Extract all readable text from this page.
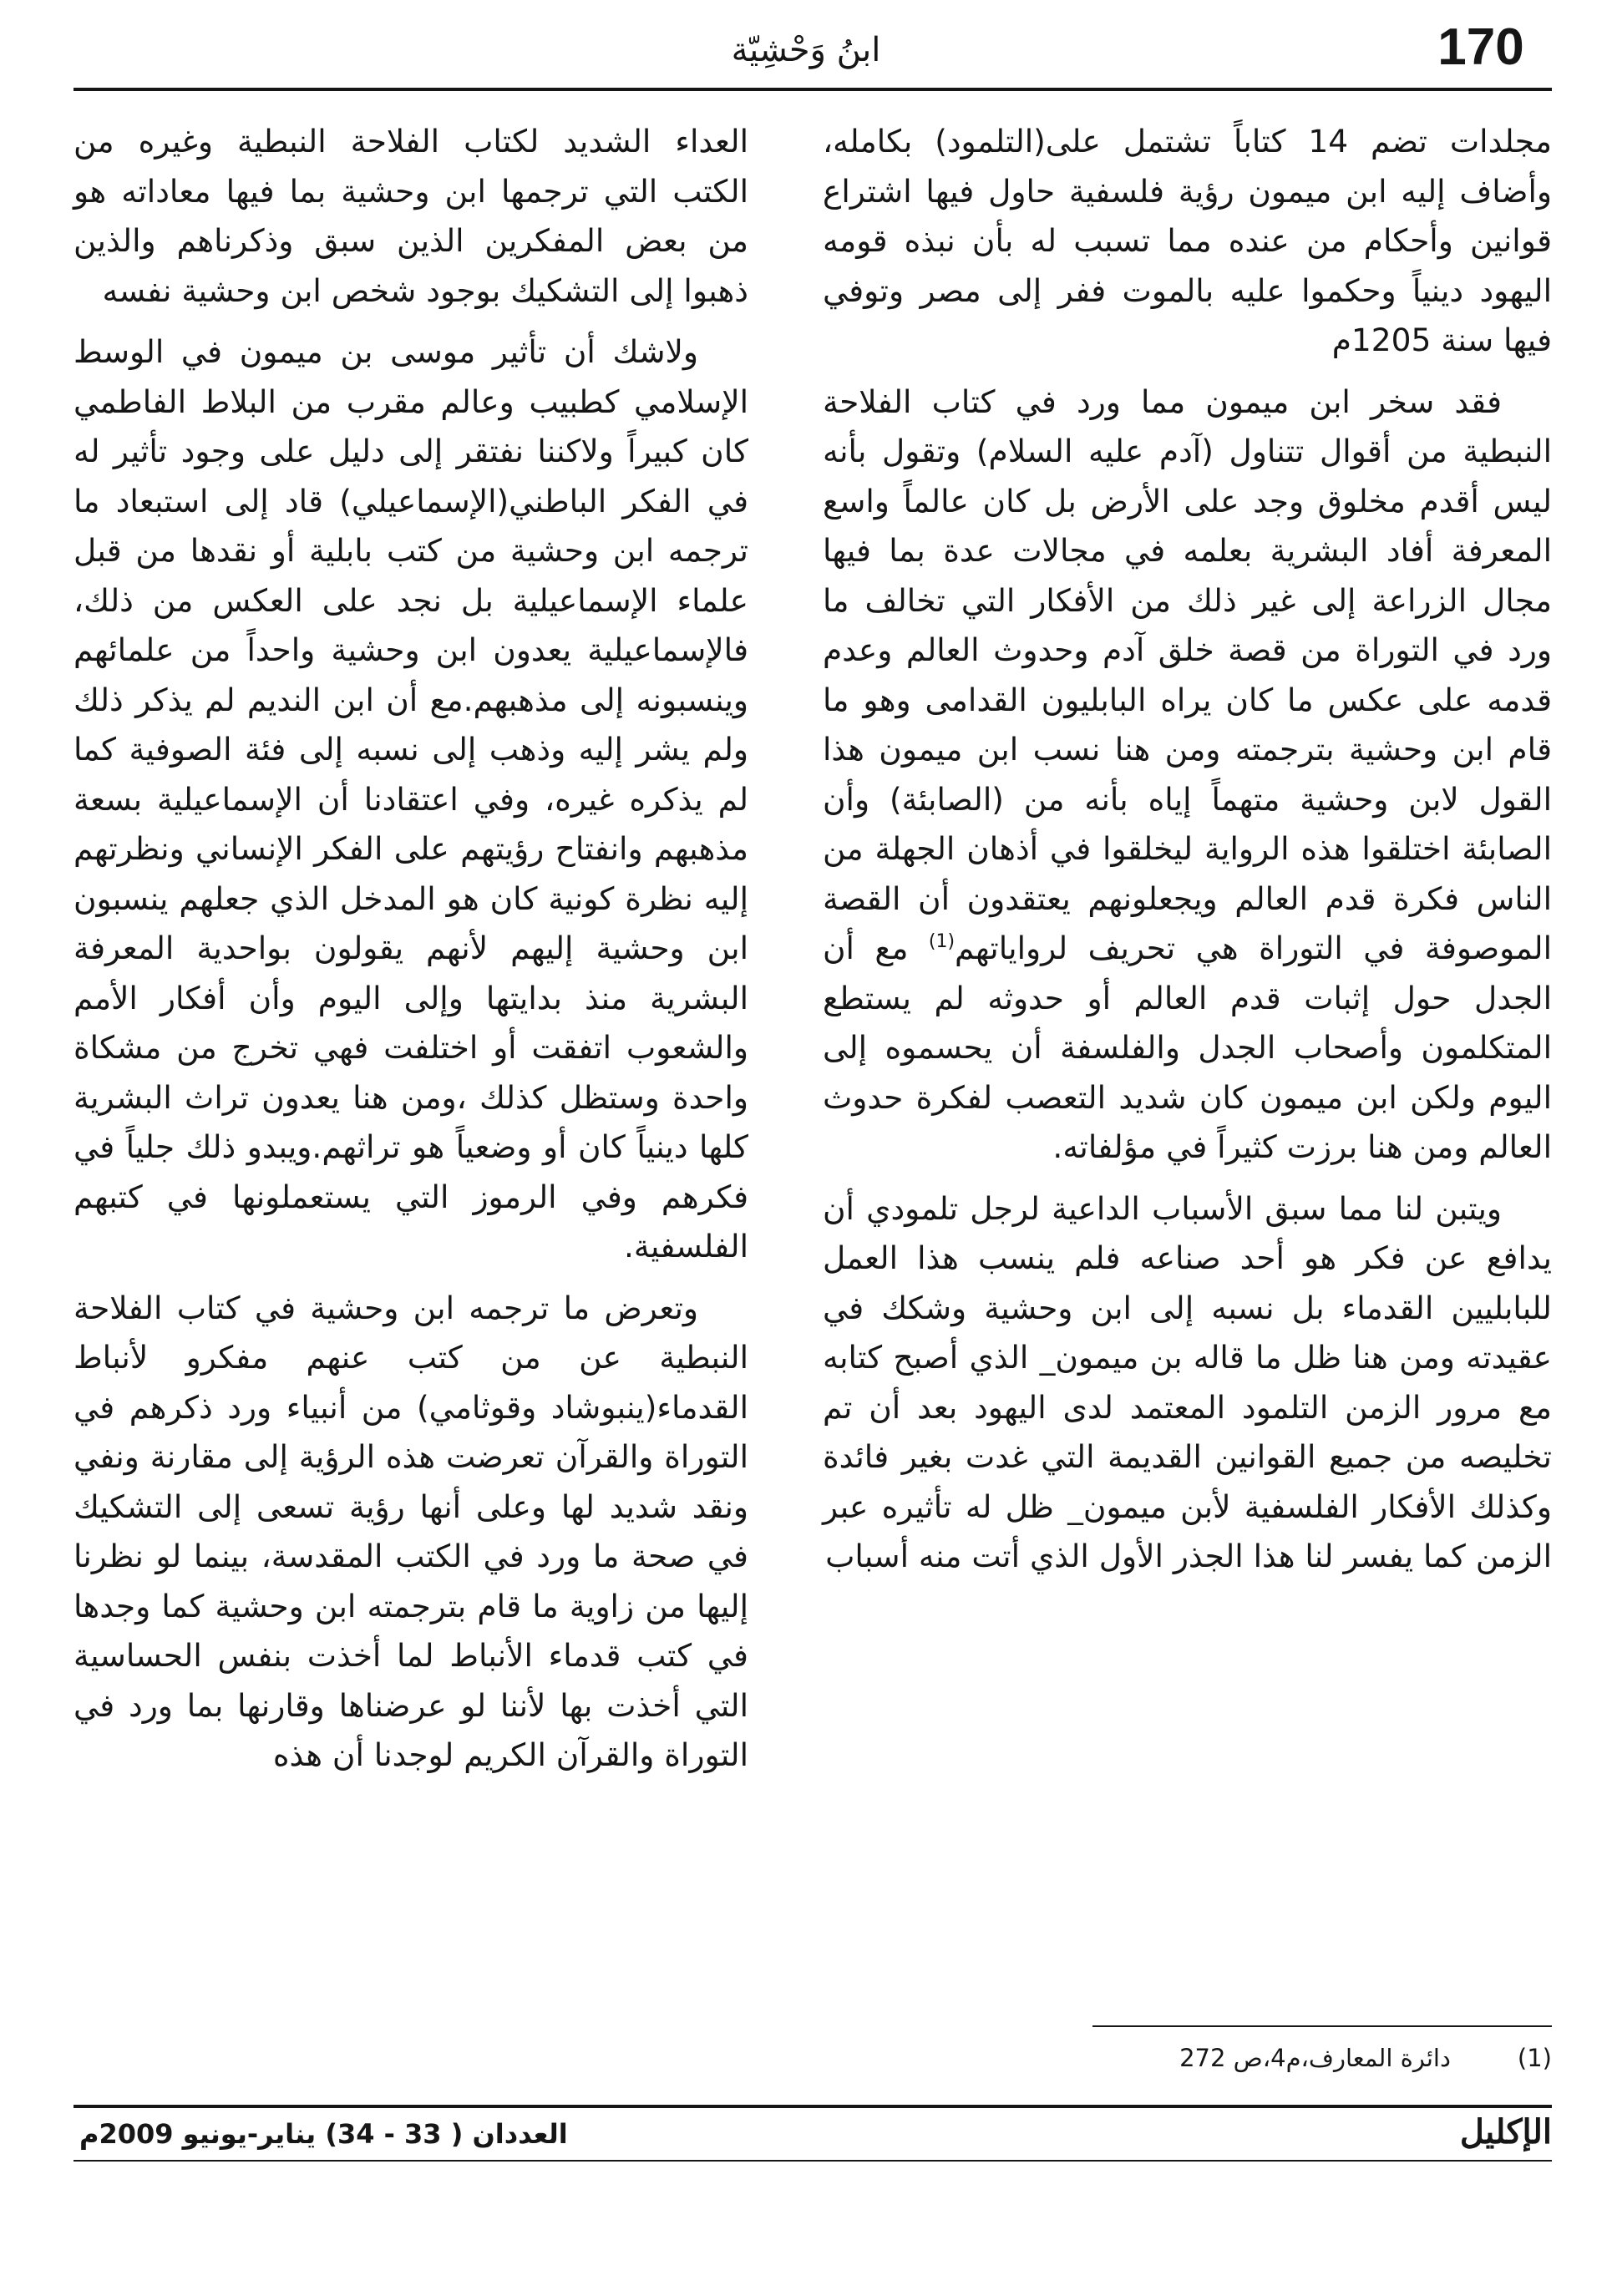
170
ابنُ وَحْشِيّة

مجلدات تضم 14 كتاباً تشتمل على(التلمود) بكامله، وأضاف إليه ابن ميمون رؤية فلسفية حاول فيها اشتراع قوانين وأحكام من عنده مما تسبب له بأن نبذه قومه اليهود دينياً وحكموا عليه بالموت ففر إلى مصر وتوفي فيها سنة 1205م

فقد سخر ابن ميمون مما ورد في كتاب الفلاحة النبطية من أقوال تتناول (آدم عليه السلام) وتقول بأنه ليس أقدم مخلوق وجد على الأرض بل كان عالماً واسع المعرفة أفاد البشرية بعلمه في مجالات عدة بما فيها مجال الزراعة إلى غير ذلك من الأفكار التي تخالف ما ورد في التوراة من قصة خلق آدم وحدوث العالم وعدم قدمه على عكس ما كان يراه البابليون القدامى وهو ما قام ابن وحشية بترجمته ومن هنا نسب ابن ميمون هذا القول لابن وحشية متهماً إياه بأنه من (الصابئة) وأن الصابئة اختلقوا هذه الرواية ليخلقوا في أذهان الجهلة من الناس فكرة قدم العالم ويجعلونهم يعتقدون أن القصة الموصوفة في التوراة هي تحريف لرواياتهم$^{(1)}$ مع أن الجدل حول إثبات قدم العالم أو حدوثه لم يستطع المتكلمون وأصحاب الجدل والفلسفة أن يحسموه إلى اليوم ولكن ابن ميمون كان شديد التعصب لفكرة حدوث العالم ومن هنا برزت كثيراً في مؤلفاته.

ويتبن لنا مما سبق الأسباب الداعية لرجل تلمودي أن يدافع عن فكر هو أحد صناعه فلم ينسب هذا العمل للبابليين القدماء بل نسبه إلى ابن وحشية وشكك في عقيدته ومن هنا ظل ما قاله بن ميمون_ الذي أصبح كتابه مع مرور الزمن التلمود المعتمد لدى اليهود بعد أن تم تخليصه من جميع القوانين القديمة التي غدت بغير فائدة وكذلك الأفكار الفلسفية لأبن ميمون_ ظل له تأثيره عبر الزمن كما يفسر لنا هذا الجذر الأول الذي أتت منه أسباب

العداء الشديد لكتاب الفلاحة النبطية وغيره من الكتب التي ترجمها ابن وحشية بما فيها معاداته هو من بعض المفكرين الذين سبق وذكرناهم والذين ذهبوا إلى التشكيك بوجود شخص ابن وحشية نفسه

ولاشك أن تأثير موسى بن ميمون في الوسط الإسلامي كطبيب وعالم مقرب من البلاط الفاطمي كان كبيراً ولاكننا نفتقر إلى دليل على وجود تأثير له في الفكر الباطني(الإسماعيلي) قاد إلى استبعاد ما ترجمه ابن وحشية من كتب بابلية أو نقدها من قبل علماء الإسماعيلية بل نجد على العكس من ذلك، فالإسماعيلية يعدون ابن وحشية واحداً من علمائهم وينسبونه إلى مذهبهم.مع أن ابن النديم لم يذكر ذلك ولم يشر إليه وذهب إلى نسبه إلى فئة الصوفية كما لم يذكره غيره، وفي اعتقادنا أن الإسماعيلية بسعة مذهبهم وانفتاح رؤيتهم على الفكر الإنساني ونظرتهم إليه نظرة كونية كان هو المدخل الذي جعلهم ينسبون ابن وحشية إليهم لأنهم يقولون بواحدية المعرفة البشرية منذ بدايتها وإلى اليوم وأن أفكار الأمم والشعوب اتفقت أو اختلفت فهي تخرج من مشكاة واحدة وستظل كذلك ،ومن هنا يعدون تراث البشرية كلها دينياً كان أو وضعياً هو تراثهم.ويبدو ذلك جلياً في فكرهم وفي الرموز التي يستعملونها في كتبهم الفلسفية.

وتعرض ما ترجمه ابن وحشية في كتاب الفلاحة النبطية عن من كتب عنهم مفكرو لأنباط القدماء(ينبوشاد وقوثامي) من أنبياء ورد ذكرهم في التوراة والقرآن تعرضت هذه الرؤية إلى مقارنة ونفي ونقد شديد لها وعلى أنها رؤية تسعى إلى التشكيك في صحة ما ورد في الكتب المقدسة، بينما لو نظرنا إليها من زاوية ما قام بترجمته ابن وحشية كما وجدها في كتب قدماء الأنباط لما أخذت بنفس الحساسية التي أخذت بها لأننا لو عرضناها وقارنها بما ورد في التوراة والقرآن الكريم لوجدنا أن هذه

(1)دائرة المعارف،م4،ص 272
الإكليل
العددان ( 33 - 34) يناير-يونيو 2009م
